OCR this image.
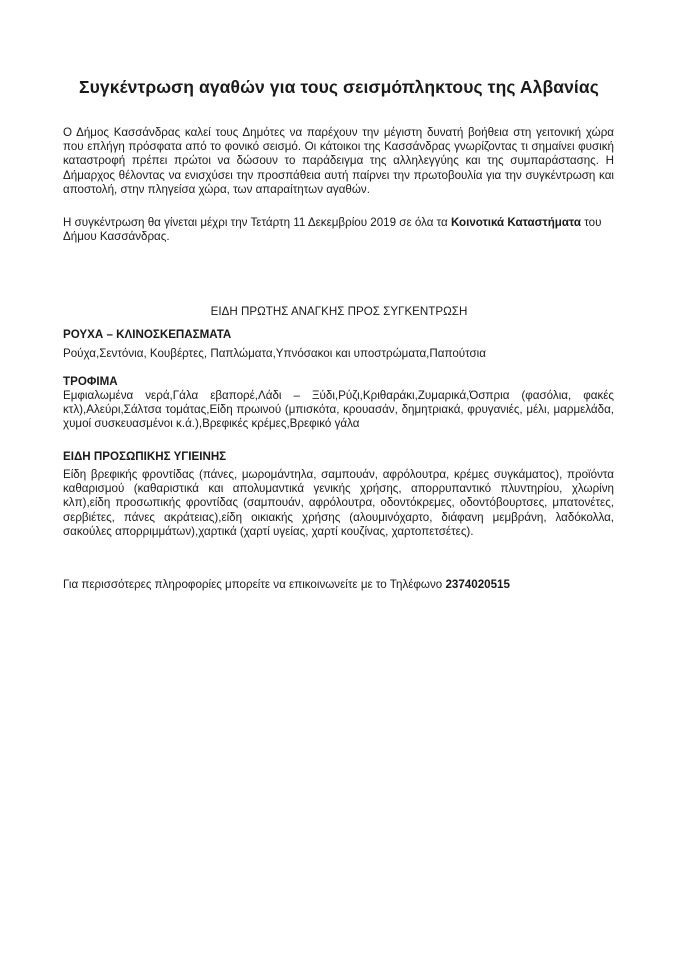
Συγκέντρωση αγαθών για τους σεισμόπληκτους της Αλβανίας
Ο Δήμος Κασσάνδρας καλεί τους Δημότες να παρέχουν την μέγιστη δυνατή βοήθεια στη γειτονική χώρα που επλήγη πρόσφατα από το φονικό σεισμό. Οι κάτοικοι της Κασσάνδρας γνωρίζοντας τι σημαίνει φυσική καταστροφή πρέπει πρώτοι να δώσουν το παράδειγμα της αλληλεγγύης και της συμπαράστασης. Η Δήμαρχος θέλοντας να ενισχύσει την προσπάθεια αυτή παίρνει την πρωτοβουλία για την συγκέντρωση και αποστολή, στην πληγείσα χώρα, των απαραίτητων αγαθών.
Η συγκέντρωση θα γίνεται μέχρι την Τετάρτη 11 Δεκεμβρίου 2019 σε όλα τα Κοινοτικά Καταστήματα του Δήμου Κασσάνδρας.
ΕΙΔΗ ΠΡΩΤΗΣ ΑΝΑΓΚΗΣ ΠΡΟΣ ΣΥΓΚΕΝΤΡΩΣΗ
ΡΟΥΧΑ – ΚΛΙΝΟΣΚΕΠΑΣΜΑΤΑ
Ρούχα,Σεντόνια, Κουβέρτες, Παπλώματα,Υπνόσακοι και υποστρώματα,Παπούτσια
ΤΡΟΦΙΜΑ
Εμφιαλωμένα νερά,Γάλα εβαπορέ,Λάδι – Ξύδι,Ρύζι,Κριθαράκι,Ζυμαρικά,Όσπρια (φασόλια, φακές κτλ),Αλεύρι,Σάλτσα τομάτας,Είδη πρωινού (μπισκότα, κρουασάν, δημητριακά, φρυγανιές, μέλι, μαρμελάδα, χυμοί συσκευασμένοι κ.ά.),Βρεφικές κρέμες,Βρεφικό γάλα
ΕΙΔΗ ΠΡΟΣΩΠΙΚΗΣ ΥΓΙΕΙΝΗΣ
Είδη βρεφικής φροντίδας (πάνες, μωρομάντηλα, σαμπουάν, αφρόλουτρα, κρέμες συγκάματος), προϊόντα καθαρισμού (καθαριστικά και απολυμαντικά γενικής χρήσης, απορρυπαντικό πλυντηρίου, χλωρίνη κλπ),είδη προσωπικής φροντίδας (σαμπουάν, αφρόλουτρα, οδοντόκρεμες, οδοντόβουρτσες, μπατονέτες, σερβιέτες, πάνες ακράτειας),είδη οικιακής χρήσης (αλουμινόχαρτο, διάφανη μεμβράνη, λαδόκολλα, σακούλες απορριμμάτων),χαρτικά (χαρτί υγείας, χαρτί κουζίνας, χαρτοπετσέτες).
Για περισσότερες πληροφορίες μπορείτε να επικοινωνείτε με το Τηλέφωνο 2374020515
